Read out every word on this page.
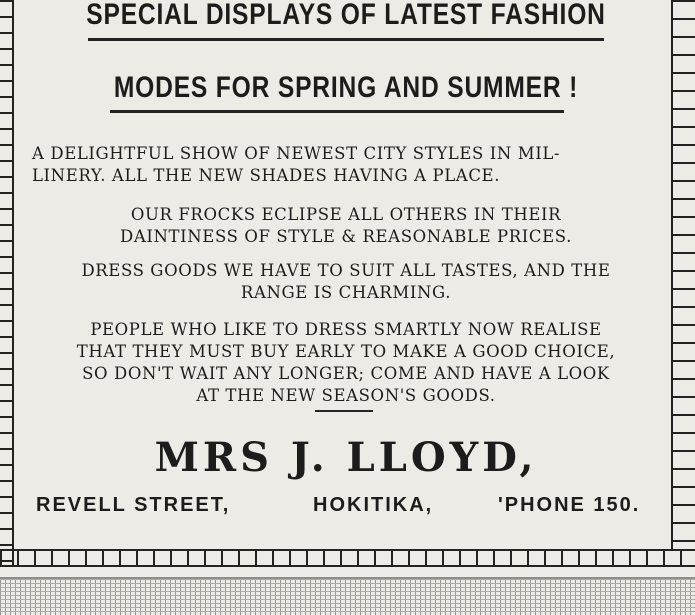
SPECIAL DISPLAYS OF LATEST FASHION
MODES FOR SPRING AND SUMMER !

A DELIGHTFUL SHOW OF NEWEST CITY STYLES IN MIL-
LINERY. ALL THE NEW SHADES HAVING A PLACE.

OUR FROCKS ECLIPSE ALL OTHERS IN THEIR
DAINTINESS OF STYLE & REASONABLE PRICES.

DRESS GOODS WE HAVE TO SUIT ALL TASTES, AND THE
RANGE IS CHARMING.

PEOPLE WHO LIKE TO DRESS SMARTLY NOW REALISE
THAT THEY MUST BUY EARLY TO MAKE A GOOD CHOICE,
SO DON'T WAIT ANY LONGER; COME AND HAVE A LOOK
AT THE NEW SEASON'S GOODS.

MRS J. LLOYD,
REVELL STREET,	HOKITIKA,	'PHONE 150.
